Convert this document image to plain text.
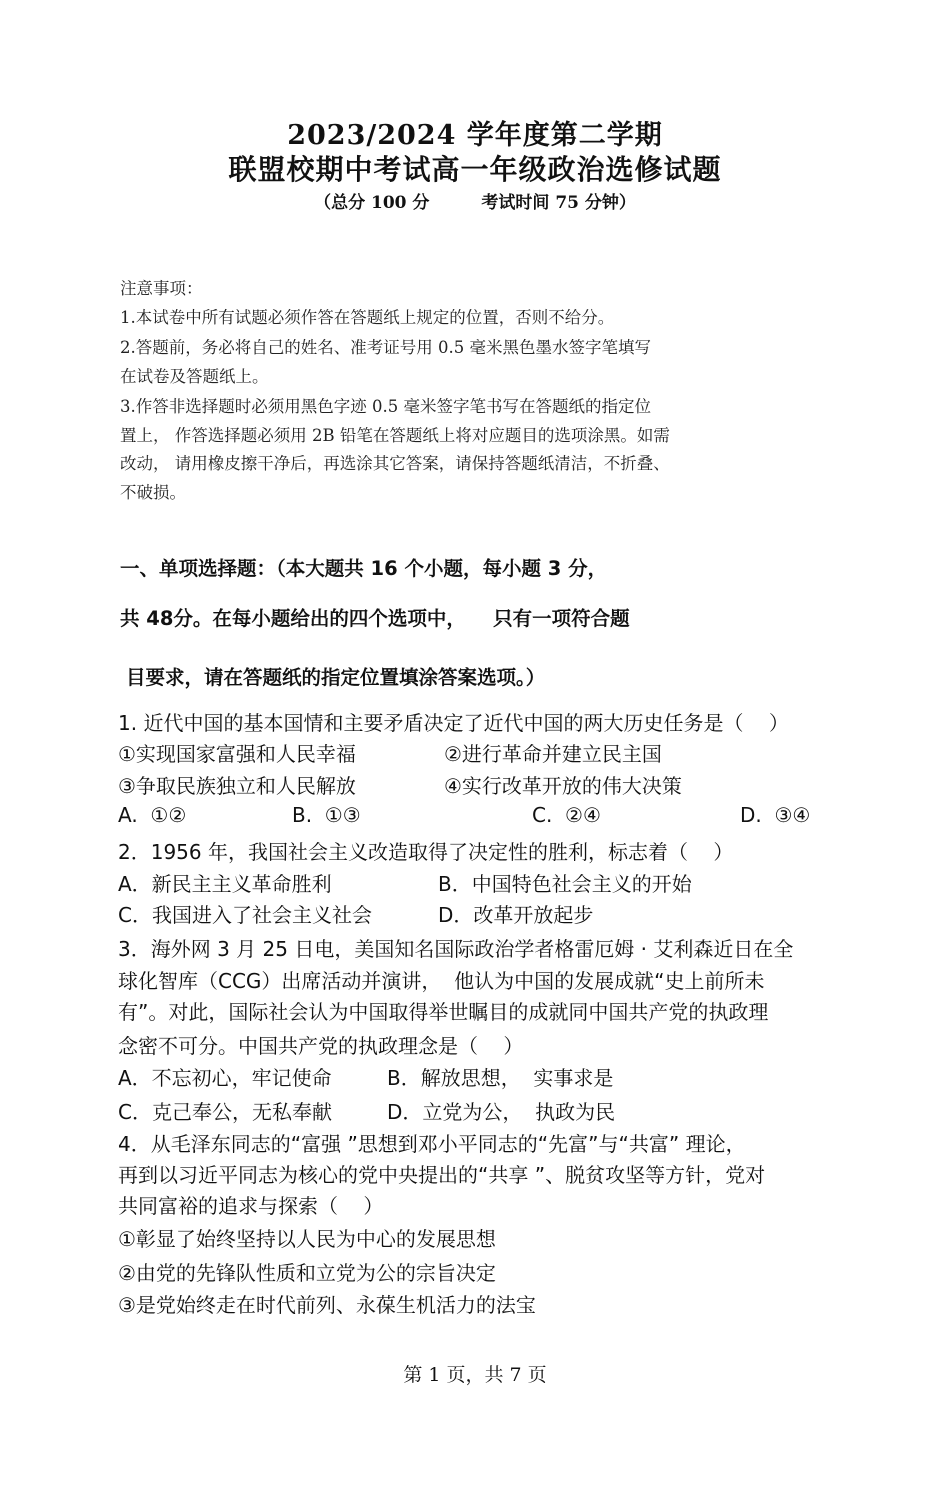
2023/2024 学年度第二学期
联盟校期中考试高一年级政治选修试题
（总分 100 分	考试时间 75 分钟）
注意事项：
1.本试卷中所有试题必须作答在答题纸上规定的位置，否则不给分。
2.答题前，务必将自己的姓名、准考证号用 0.5 毫米黑色墨水签字笔填写
在试卷及答题纸上。
3.作答非选择题时必须用黑色字迹 0.5 毫米签字笔书写在答题纸的指定位
置上， 作答选择题必须用 2B 铅笔在答题纸上将对应题目的选项涂黑。如需
改动， 请用橡皮擦干净后，再选涂其它答案，请保持答题纸清洁，不折叠、
不破损。
一、单项选择题：（本大题共 16 个小题，每小题 3 分，
共 48分。在每小题给出的四个选项中，    只有一项符合题
目要求，请在答题纸的指定位置填涂答案选项。）
1. 近代中国的基本国情和主要矛盾决定了近代中国的两大历史任务是（    ）
①实现国家富强和人民幸福	②进行革命并建立民主国
③争取民族独立和人民解放	④实行改革开放的伟大决策
A.  ①②	B.  ①③	C.  ②④	D.  ③④
2．1956 年，我国社会主义改造取得了决定性的胜利，标志着（    ）
A．新民主主义革命胜利	B．中国特色社会主义的开始
C．我国进入了社会主义社会	D．改革开放起步
3．海外网 3 月 25 日电，美国知名国际政治学者格雷厄姆 · 艾利森近日在全
球化智库（CCG）出席活动并演讲，  他认为中国的发展成就“史上前所未
有”。对此，国际社会认为中国取得举世瞩目的成就同中国共产党的执政理
念密不可分。中国共产党的执政理念是（    ）
A．不忘初心，牢记使命	B．解放思想，  实事求是
C．克己奉公，无私奉献	D．立党为公，  执政为民
4．从毛泽东同志的“富强 ”思想到邓小平同志的“先富”与“共富” 理论，
再到以习近平同志为核心的党中央提出的“共享 ”、脱贫攻坚等方针，党对
共同富裕的追求与探索（    ）
①彰显了始终坚持以人民为中心的发展思想
②由党的先锋队性质和立党为公的宗旨决定
③是党始终走在时代前列、永葆生机活力的法宝
第 1 页，共 7 页
